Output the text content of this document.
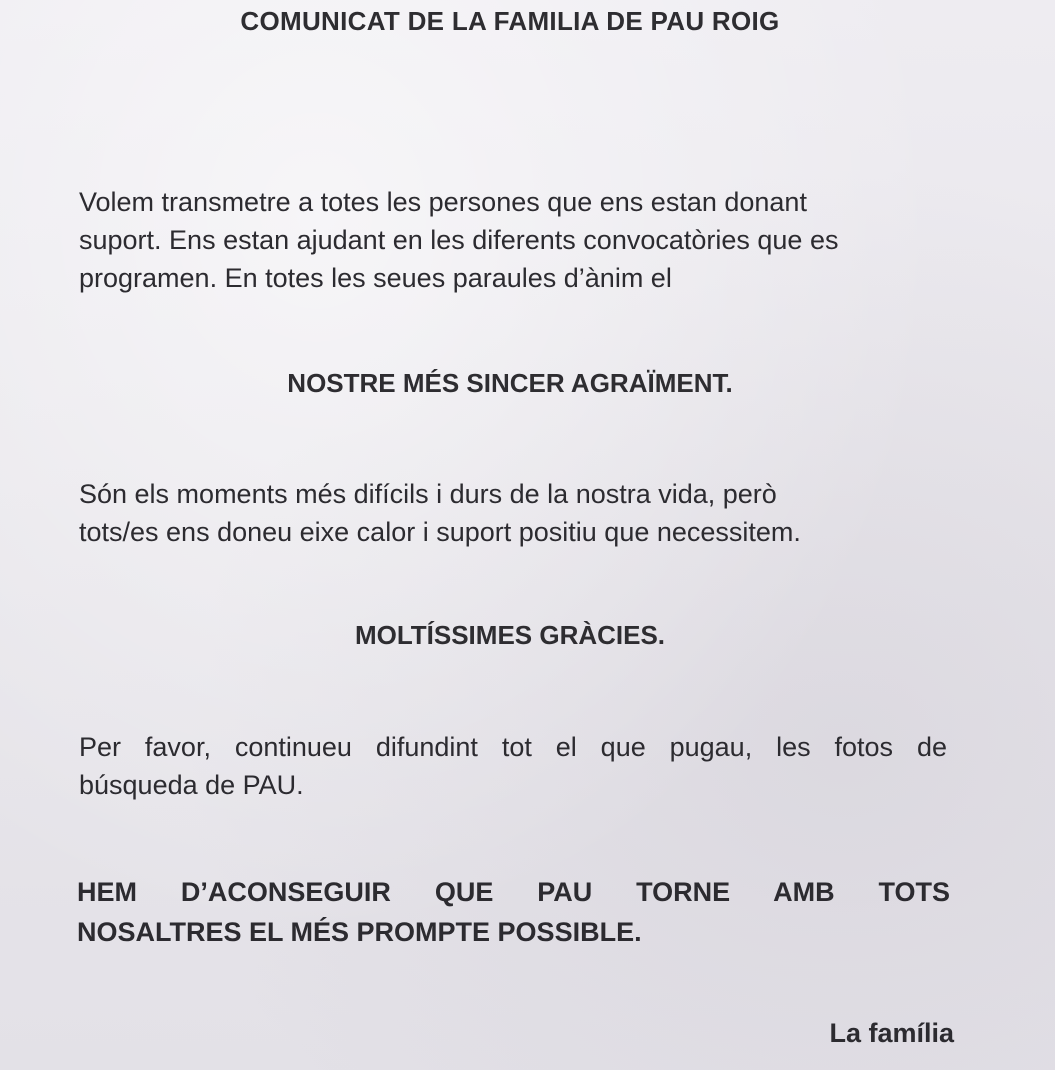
COMUNICAT DE LA FAMILIA DE PAU ROIG
Volem transmetre a totes les persones que ens estan donant
suport. Ens estan ajudant en les diferents convocatòries que es
programen. En totes les seues paraules d’ànim el
NOSTRE MÉS SINCER AGRAÏMENT.
Són els moments més difícils i durs de la nostra vida, però
tots/es ens doneu eixe calor i suport positiu que necessitem.
MOLTÍSSIMES GRÀCIES.
Per favor, continueu difundint tot el que pugau, les fotos de
búsqueda de PAU.
HEM D’ACONSEGUIR QUE PAU TORNE AMB TOTS
NOSALTRES EL MÉS PROMPTE POSSIBLE.
La família
